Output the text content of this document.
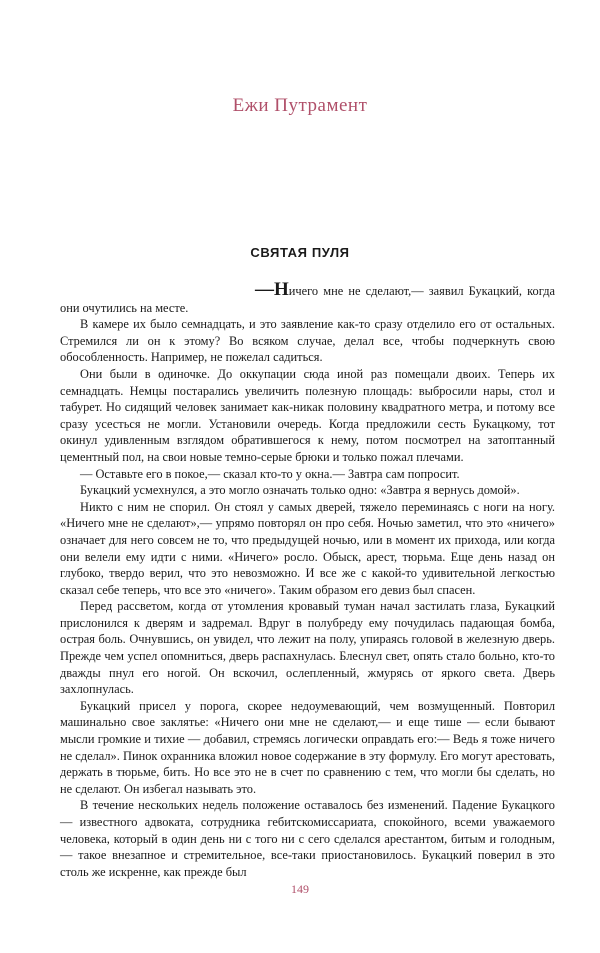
Ежи Путрамент
СВЯТАЯ ПУЛЯ

—Ничего мне не сделают,— заявил Букацкий, когда они очутились на месте.

В камере их было семнадцать, и это заявление как-то сразу отделило его от остальных. Стремился ли он к этому? Во всяком случае, делал все, чтобы подчеркнуть свою обособленность. Например, не пожелал садиться.

Они были в одиночке. До оккупации сюда иной раз помещали двоих. Теперь их семнадцать. Немцы постарались увеличить полезную площадь: выбросили нары, стол и табурет. Но сидящий человек занимает как-никак половину квадратного метра, и потому все сразу усесться не могли. Установили очередь. Когда предложили сесть Букацкому, тот окинул удивленным взглядом обратившегося к нему, потом посмотрел на затоптанный цементный пол, на свои новые темно-серые брюки и только пожал плечами.

— Оставьте его в покое,— сказал кто-то у окна.— Завтра сам попросит.

Букацкий усмехнулся, а это могло означать только одно: «Завтра я вернусь домой».

Никто с ним не спорил. Он стоял у самых дверей, тяжело переминаясь с ноги на ногу. «Ничего мне не сделают»,— упрямо повторял он про себя. Ночью заметил, что это «ничего» означает для него совсем не то, что предыдущей ночью, или в момент их прихода, или когда они велели ему идти с ними. «Ничего» росло. Обыск, арест, тюрьма. Еще день назад он глубоко, твердо верил, что это невозможно. И все же с какой-то удивительной легкостью сказал себе теперь, что все это «ничего». Таким образом его девиз был спасен.

Перед рассветом, когда от утомления кровавый туман начал застилать глаза, Букацкий прислонился к дверям и задремал. Вдруг в полубреду ему почудилась падающая бомба, острая боль. Очнувшись, он увидел, что лежит на полу, упираясь головой в железную дверь. Прежде чем успел опомниться, дверь распахнулась. Блеснул свет, опять стало больно, кто-то дважды пнул его ногой. Он вскочил, ослепленный, жмурясь от яркого света. Дверь захлопнулась.

Букацкий присел у порога, скорее недоумевающий, чем возмущенный. Повторил машинально свое заклятье: «Ничего они мне не сделают,— и еще тише — если бывают мысли громкие и тихие — добавил, стремясь логически оправдать его:— Ведь я тоже ничего не сделал». Пинок охранника вложил новое содержание в эту формулу. Его могут арестовать, держать в тюрьме, бить. Но все это не в счет по сравнению с тем, что могли бы сделать, но не сделают. Он избегал называть это.

В течение нескольких недель положение оставалось без изменений. Падение Букацкого — известного адвоката, сотрудника гебитскомиссариата, спокойного, всеми уважаемого человека, который в один день ни с того ни с сего сделался арестантом, битым и голодным,— такое внезапное и стремительное, все-таки приостановилось. Букацкий поверил в это столь же искренне, как прежде был

149
